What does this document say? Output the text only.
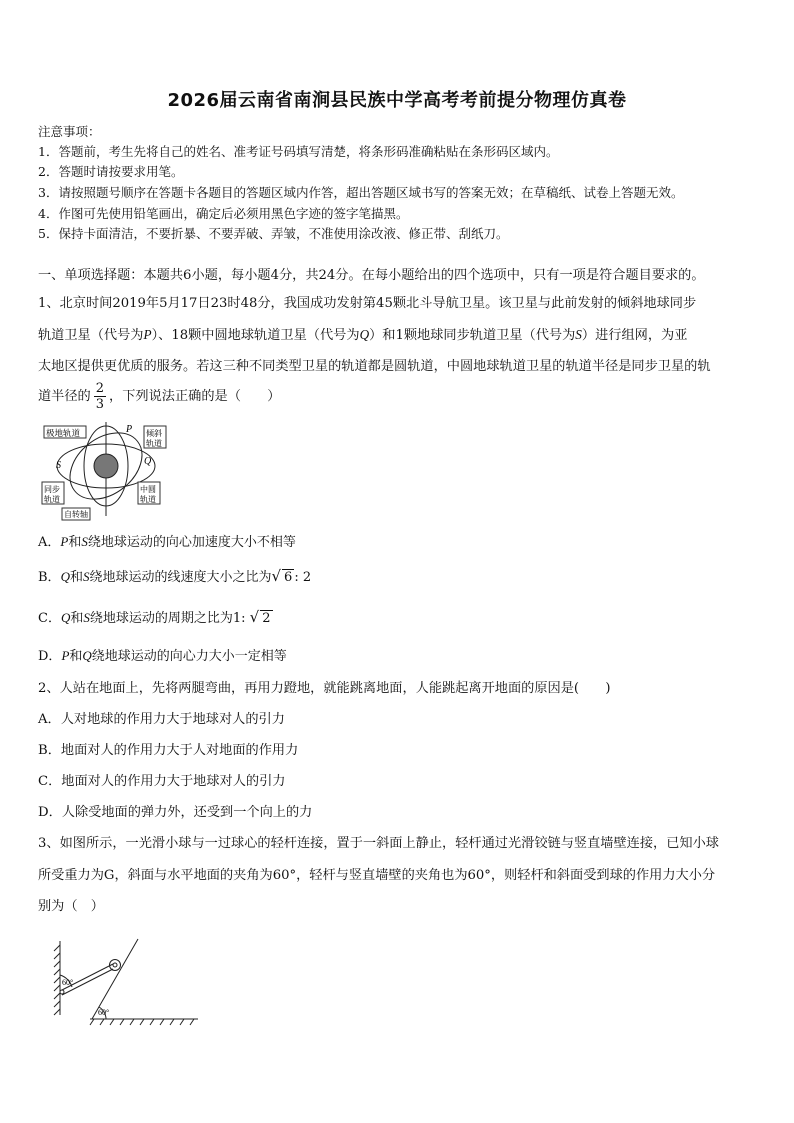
2026届云南省南涧县民族中学高考考前提分物理仿真卷
注意事项：
1．答题前，考生先将自己的姓名、准考证号码填写清楚，将条形码准确粘贴在条形码区域内。
2．答题时请按要求用笔。
3．请按照题号顺序在答题卡各题目的答题区域内作答，超出答题区域书写的答案无效；在草稿纸、试卷上答题无效。
4．作图可先使用铅笔画出，确定后必须用黑色字迹的签字笔描黑。
5．保持卡面清洁，不要折暴、不要弄破、弄皱，不准使用涂改液、修正带、刮纸刀。
一、单项选择题：本题共6小题，每小题4分，共24分。在每小题给出的四个选项中，只有一项是符合题目要求的。
1、北京时间2019年5月17日23时48分，我国成功发射第45颗北斗导航卫星。该卫星与此前发射的倾斜地球同步
轨道卫星（代号为P）、18颗中圆地球轨道卫星（代号为Q）和1颗地球同步轨道卫星（代号为S）进行组网，为亚
太地区提供更优质的服务。若这三种不同类型卫星的轨道都是圆轨道，中圆地球轨道卫星的轨道半径是同步卫星的轨
道半径的 $\frac{2}{3}$ ，下列说法正确的是（　　）
极地轨道	倾斜
轨道
同步
轨道
中圆
轨道
自转轴
P
S	Q
A．P和S绕地球运动的向心加速度大小不相等
B．Q和S绕地球运动的线速度大小之比为√ 6 : 2
C．Q和S绕地球运动的周期之比为1: √ 2
D．P和Q绕地球运动的向心力大小一定相等
2、人站在地面上，先将两腿弯曲，再用力蹬地，就能跳离地面，人能跳起离开地面的原因是(　　)
A．人对地球的作用力大于地球对人的引力
B．地面对人的作用力大于人对地面的作用力
C．地面对人的作用力大于地球对人的引力
D．人除受地面的弹力外，还受到一个向上的力
3、如图所示，一光滑小球与一过球心的轻杆连接，置于一斜面上静止，轻杆通过光滑铰链与竖直墙壁连接，已知小球
所受重力为G，斜面与水平地面的夹角为60°，轻杆与竖直墙壁的夹角也为60°，则轻杆和斜面受到球的作用力大小分
别为（　）
60°
60°
